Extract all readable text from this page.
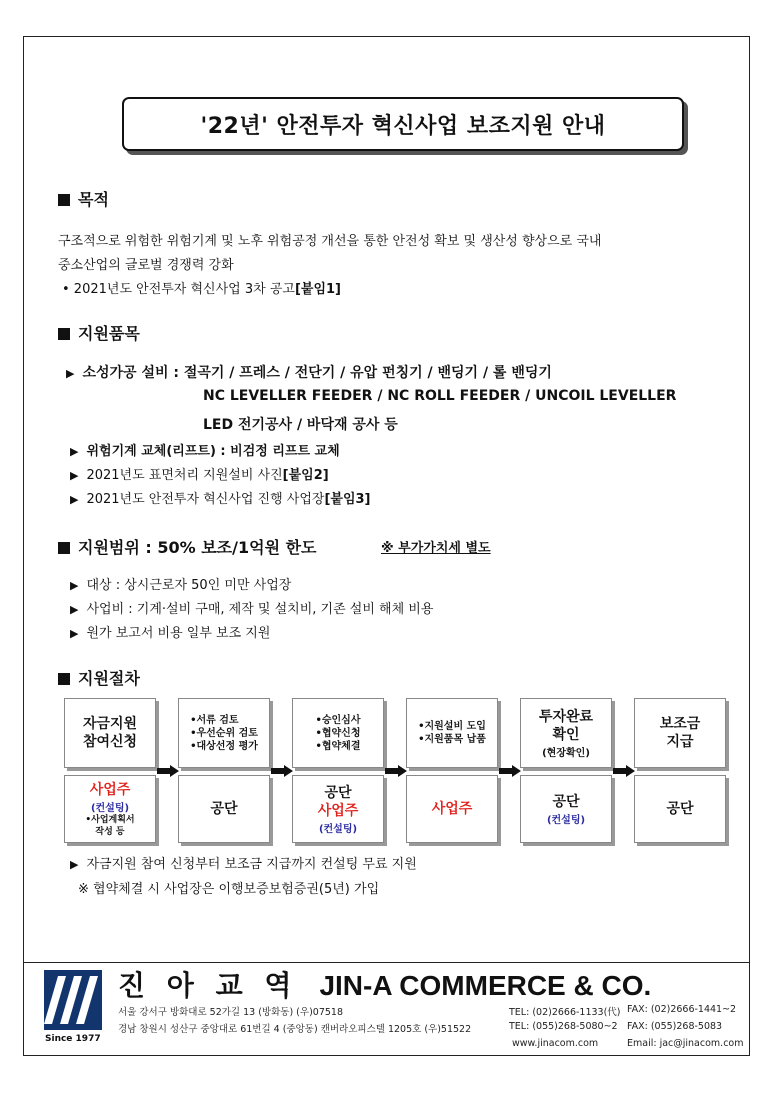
'22년' 안전투자 혁신사업 보조지원 안내
목적
구조적으로 위험한 위험기계 및 노후 위험공정 개선을 통한 안전성 확보 및 생산성 향상으로 국내
중소산업의 글로벌 경쟁력 강화
• 2021년도 안전투자 혁신사업 3차 공고[붙임1]
지원품목
▶ 소성가공 설비 : 절곡기 / 프레스 / 전단기 / 유압 펀칭기 / 밴딩기 / 롤 밴딩기
NC LEVELLER FEEDER / NC ROLL FEEDER / UNCOIL LEVELLER
LED 전기공사 / 바닥재 공사 등
▶ 위험기계 교체(리프트) : 비검정 리프트 교체
▶ 2021년도 표면처리 지원설비 사진[붙임2]
▶ 2021년도 안전투자 혁신사업 진행 사업장[붙임3]
지원범위 : 50% 보조/1억원 한도	※ 부가가치세 별도
▶ 대상 : 상시근로자 50인 미만 사업장
▶ 사업비 : 기계·설비 구매, 제작 및 설치비, 기존 설비 해체 비용
▶ 원가 보고서 비용 일부 보조 지원
지원절차
자금지원
참여신청
사업주
(컨설팅)
•사업계획서
작성 등
•서류 검토
•우선순위 검토
•대상선정 평가
공단
•승인심사
•협약신청
•협약체결
공단
사업주
(컨설팅)
•지원설비 도입
•지원품목 납품
사업주
투자완료
확인
(현장확인)
공단
(컨설팅)
보조금
지급
공단
▶ 자금지원 참여 신청부터 보조금 지급까지 컨설팅 무료 지원
※ 협약체결 시 사업장은 이행보증보험증권(5년) 가입
Since 1977
진 아 교 역 JIN-A COMMERCE & CO.
서울 강서구 방화대로 52가길 13 (방화동) (우)07518
경남 창원시 성산구 중앙대로 61번길 4 (중앙동) 캔버라오피스텔 1205호 (우)51522
TEL: (02)2666-1133(代) FAX: (02)2666-1441~2
TEL: (055)268-5080~2 FAX: (055)268-5083
www.jinacom.com	Email: jac@jinacom.com
